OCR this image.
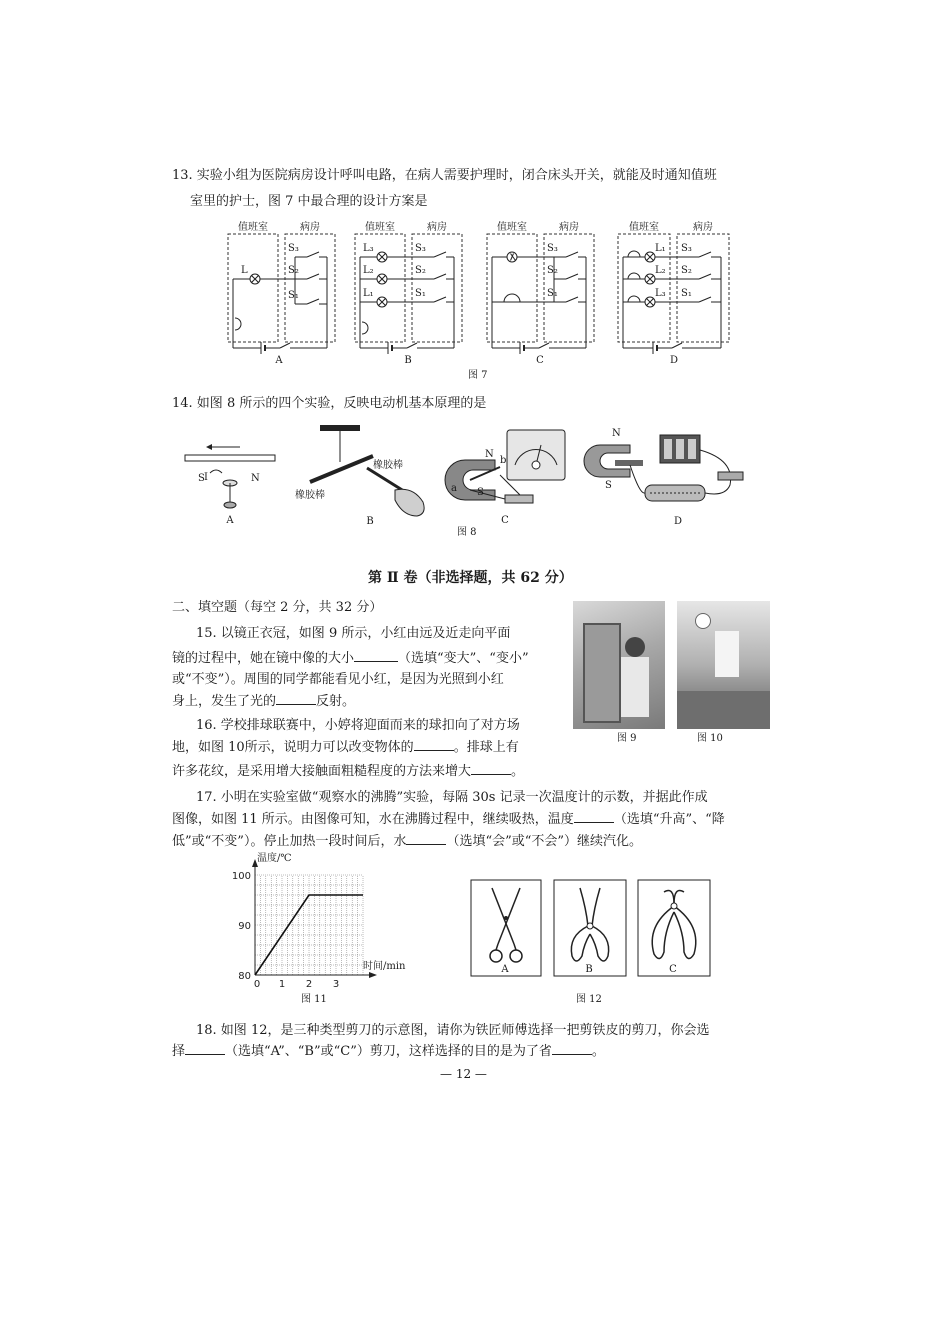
13. 实验小组为医院病房设计呼叫电路，在病人需要护理时，闭合床头开关，就能及时通知值班
室里的护士，图 7 中最合理的设计方案是
值班室	病房
L
S₃
S₂
S₁
A
值班室	病房
L₃
L₂
L₁
S₃
S₂
S₁
B
值班室	病房
S₃
S₂
S₁
C
值班室	病房
L₁
L₂
L₃
S₃
S₂
S₁
D
图 7
14. 如图 8 所示的四个实验，反映电动机基本原理的是
I
S	N
A
橡胶棒
橡胶棒
B
N
S
b
a
C
N
S
D
图 8
第 Ⅱ 卷（非选择题，共 62 分）
二、填空题（每空 2 分，共 32 分）
15. 以镜正衣冠，如图 9 所示，小红由远及近走向平面
镜的过程中，她在镜中像的大小	（选填“变大”、“变小”
或“不变”）。周围的同学都能看见小红，是因为光照到小红
身上，发生了光的	反射。
16. 学校排球联赛中，小婷将迎面而来的球扣向了对方场
地，如图 10所示，说明力可以改变物体的	。排球上有
许多花纹，是采用增大接触面粗糙程度的方法来增大	。
图 9	图 10
17. 小明在实验室做“观察水的沸腾”实验，每隔 30s 记录一次温度计的示数，并据此作成
图像，如图 11 所示。由图像可知，水在沸腾过程中，继续吸热，温度	（选填“升高”、“降
低”或“不变”）。停止加热一段时间后，水	（选填“会”或“不会”）继续汽化。
80
90
100
0 1 2 3
温度/℃
时间/min
图 11
A	B	C
图 12
18. 如图 12，是三种类型剪刀的示意图，请你为铁匠师傅选择一把剪铁皮的剪刀，你会选
择	（选填“A”、“B”或“C”）剪刀，这样选择的目的是为了省	。
— 12 —
